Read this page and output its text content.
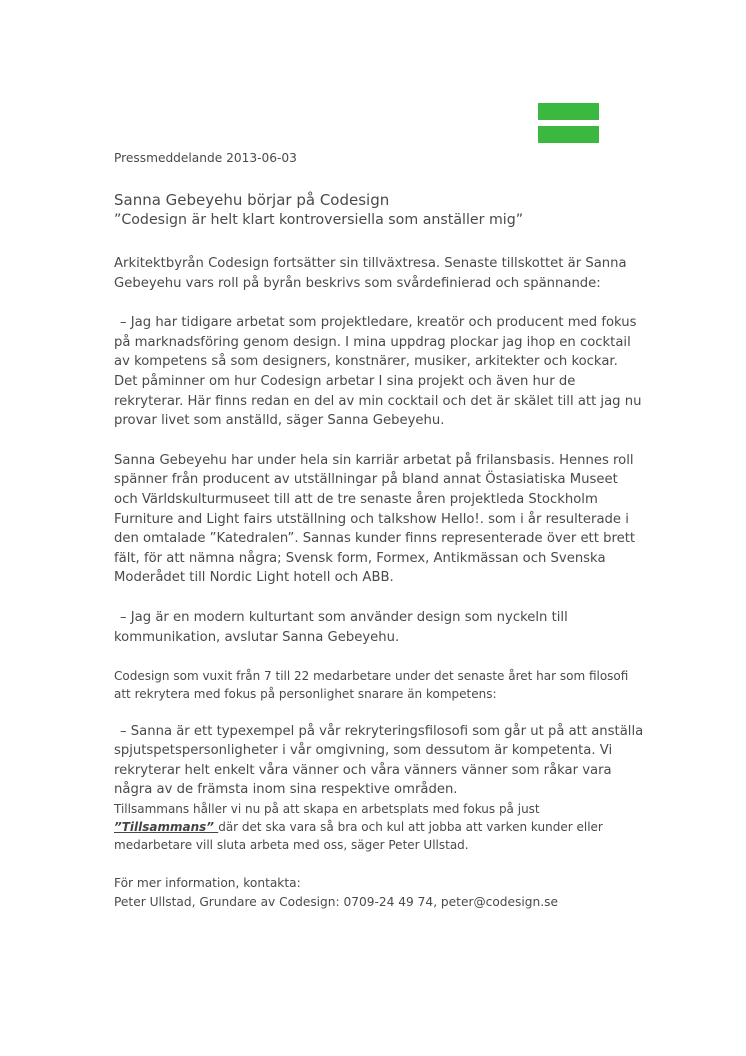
Pressmeddelande 2013-06-03

Sanna Gebeyehu börjar på Codesign

”Codesign är helt klart kontroversiella som anställer mig”

Arkitektbyrån Codesign fortsätter sin tillväxtresa. Senaste tillskottet är Sanna Gebeyehu vars roll på byrån beskrivs som svårdefinierad och spännande:

– Jag har tidigare arbetat som projektledare, kreatör och producent med fokus på marknadsföring genom design. I mina uppdrag plockar jag ihop en cocktail av kompetens så som designers, konstnärer, musiker, arkitekter och kockar. Det påminner om hur Codesign arbetar I sina projekt och även hur de rekryterar. Här finns redan en del av min cocktail och det är skälet till att jag nu provar livet som anställd, säger Sanna Gebeyehu.

Sanna Gebeyehu har under hela sin karriär arbetat på frilansbasis. Hennes roll spänner från producent av utställningar på bland annat Östasiatiska Museet och Världskulturmuseet till att de tre senaste åren projektleda Stockholm Furniture and Light fairs utställning och talkshow Hello!. som i år resulterade i den omtalade ”Katedralen”. Sannas kunder finns representerade över ett brett fält, för att nämna några; Svensk form, Formex, Antikmässan och Svenska Moderådet till Nordic Light hotell och ABB.

– Jag är en modern kulturtant som använder design som nyckeln till kommunikation, avslutar Sanna Gebeyehu.

Codesign som vuxit från 7 till 22 medarbetare under det senaste året har som filosofi att rekrytera med fokus på personlighet snarare än kompetens:

– Sanna är ett typexempel på vår rekryteringsfilosofi som går ut på att anställa spjutspetspersonligheter i vår omgivning, som dessutom är kompetenta. Vi rekryterar helt enkelt våra vänner och våra vänners vänner som råkar vara några av de främsta inom sina respektive områden.

Tillsammans håller vi nu på att skapa en arbetsplats med fokus på just
”Tillsammans” där det ska vara så bra och kul att jobba att varken kunder eller medarbetare vill sluta arbeta med oss, säger Peter Ullstad.

För mer information, kontakta:

Peter Ullstad, Grundare av Codesign: 0709-24 49 74, peter@codesign.se
